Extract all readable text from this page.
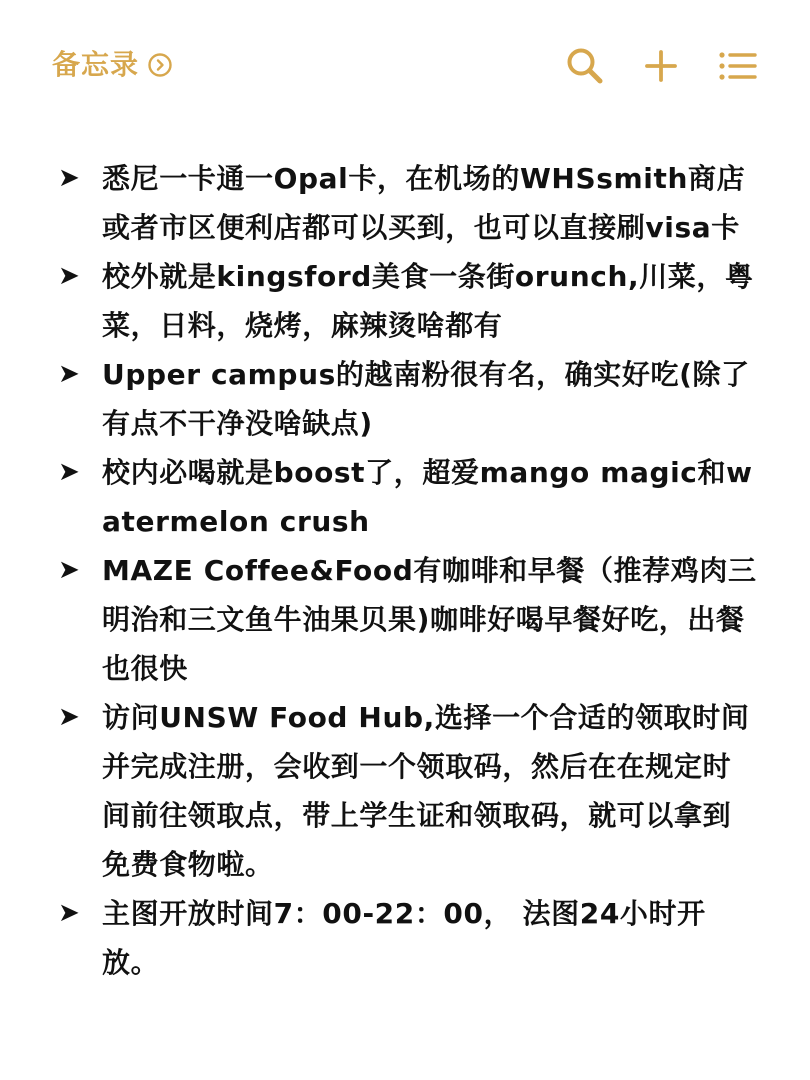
备忘录
➤ 悉尼一卡通一Opal卡，在机场的WHSsmith商店或者市区便利店都可以买到，也可以直接刷visa卡
➤ 校外就是kingsford美食一条街orunch,川菜，粤菜，日料，烧烤，麻辣烫啥都有
➤ Upper campus的越南粉很有名，确实好吃(除了有点不干净没啥缺点)
➤ 校内必喝就是boost了，超爱mango magic和watermelon crush
➤ MAZE Coffee&Food有咖啡和早餐（推荐鸡肉三明治和三文鱼牛油果贝果)咖啡好喝早餐好吃，出餐也很快
➤ 访问UNSW Food Hub,选择一个合适的领取时间并完成注册，会收到一个领取码，然后在在规定时间前往领取点，带上学生证和领取码，就可以拿到免费食物啦。
➤ 主图开放时间7：00-22：00， 法图24小时开放。
